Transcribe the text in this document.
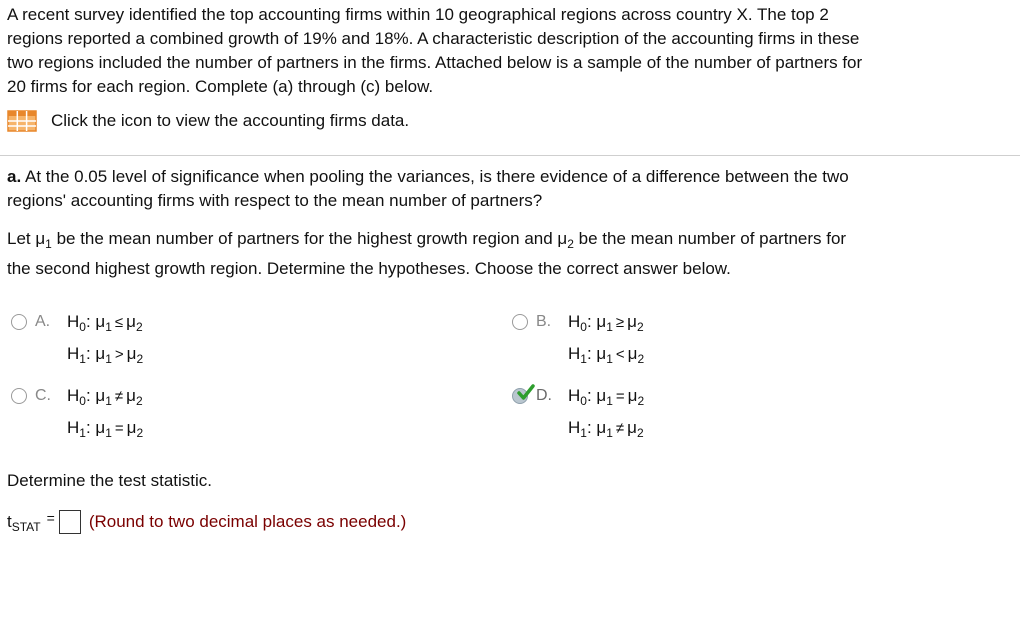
A recent survey identified the top accounting firms within 10 geographical regions across country X. The top 2
regions reported a combined growth of 19% and 18%. A characteristic description of the accounting firms in these
two regions included the number of partners in the firms. Attached below is a sample of the number of partners for
20 firms for each region. Complete (a) through (c) below.
Click the icon to view the accounting firms data.
a. At the 0.05 level of significance when pooling the variances, is there evidence of a difference between the two
regions' accounting firms with respect to the mean number of partners?
Let $\mu_1$ be the mean number of partners for the highest growth region and $\mu_2$ be the mean number of partners for
the second highest growth region. Determine the hypotheses. Choose the correct answer below.
A. $H_0$: $\mu_1 \le \mu_2$
$H_1$: $\mu_1 > \mu_2$
B. $H_0$: $\mu_1 \ge \mu_2$
$H_1$: $\mu_1 < \mu_2$
C. $H_0$: $\mu_1 \ne \mu_2$
$H_1$: $\mu_1 = \mu_2$
D. $H_0$: $\mu_1 = \mu_2$
$H_1$: $\mu_1 \ne \mu_2$
Determine the test statistic.
$t_{STAT}$
= (Round to two decimal places as needed.)
